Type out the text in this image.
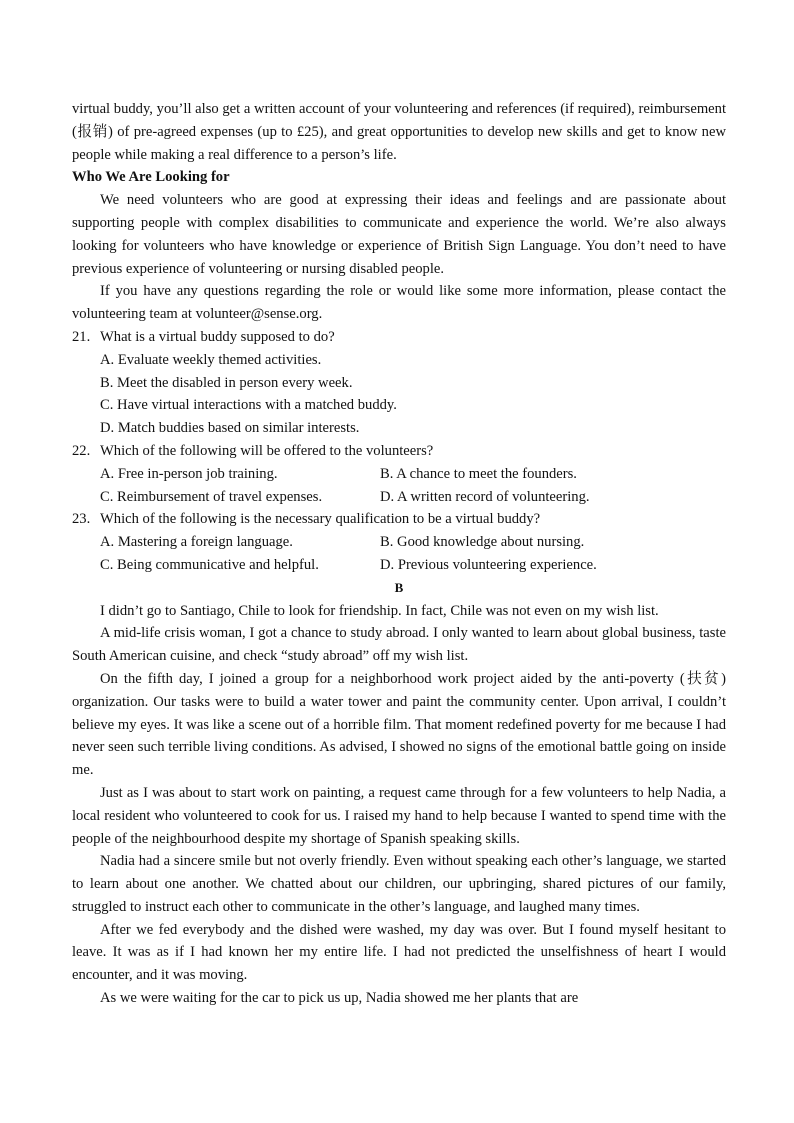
virtual buddy, you’ll also get a written account of your volunteering and references (if required), reimbursement (报销) of pre-agreed expenses (up to £25), and great opportunities to develop new skills and get to know new people while making a real difference to a person’s life.

Who We Are Looking for

We need volunteers who are good at expressing their ideas and feelings and are passionate about supporting people with complex disabilities to communicate and experience the world. We’re also always looking for volunteers who have knowledge or experience of British Sign Language. You don’t need to have previous experience of volunteering or nursing disabled people.

If you have any questions regarding the role or would like some more information, please contact the volunteering team at volunteer@sense.org.

21. What is a virtual buddy supposed to do?

A. Evaluate weekly themed activities.

B. Meet the disabled in person every week.

C. Have virtual interactions with a matched buddy.

D. Match buddies based on similar interests.

22. Which of the following will be offered to the volunteers?
A. Free in-person job training.	B. A chance to meet the founders.
C. Reimbursement of travel expenses.	D. A written record of volunteering.
23. Which of the following is the necessary qualification to be a virtual buddy?
A. Mastering a foreign language.	B. Good knowledge about nursing.
C. Being communicative and helpful.	D. Previous volunteering experience.

B

I didn’t go to Santiago, Chile to look for friendship. In fact, Chile was not even on my wish list.

A mid-life crisis woman, I got a chance to study abroad. I only wanted to learn about global business, taste South American cuisine, and check “study abroad” off my wish list.

On the fifth day, I joined a group for a neighborhood work project aided by the anti-poverty (扶贫) organization. Our tasks were to build a water tower and paint the community center. Upon arrival, I couldn’t believe my eyes. It was like a scene out of a horrible film. That moment redefined poverty for me because I had never seen such terrible living conditions. As advised, I showed no signs of the emotional battle going on inside me.

Just as I was about to start work on painting, a request came through for a few volunteers to help Nadia, a local resident who volunteered to cook for us. I raised my hand to help because I wanted to spend time with the people of the neighbourhood despite my shortage of Spanish speaking skills.

Nadia had a sincere smile but not overly friendly. Even without speaking each other’s language, we started to learn about one another. We chatted about our children, our upbringing, shared pictures of our family, struggled to instruct each other to communicate in the other’s language, and laughed many times.

After we fed everybody and the dished were washed, my day was over. But I found myself hesitant to leave. It was as if I had known her my entire life. I had not predicted the unselfishness of heart I would encounter, and it was moving.

As we were waiting for the car to pick us up, Nadia showed me her plants that are
